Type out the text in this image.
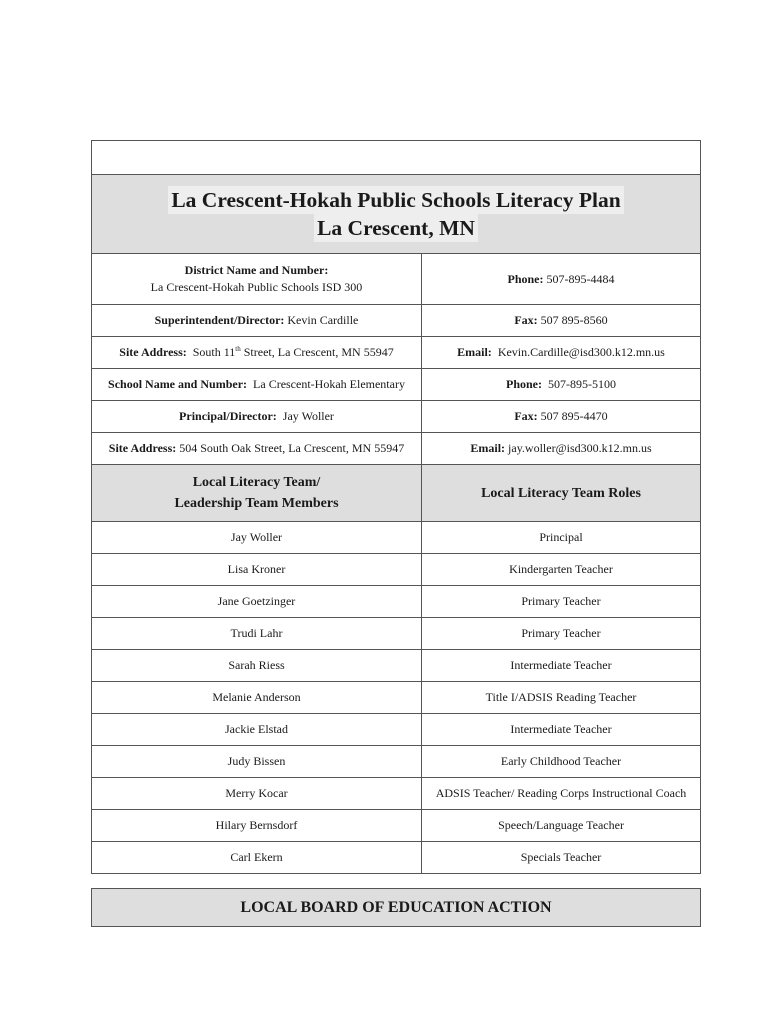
La Crescent-Hokah Public Schools Literacy Plan
La Crescent, MN	
District Name and Number:
La Crescent-Hokah Public Schools ISD 300	Phone: 507-895-4484
Superintendent/Director: Kevin Cardille	Fax: 507 895-8560
Site Address: South 11th Street, La Crescent, MN 55947	Email: Kevin.Cardille@isd300.k12.mn.us
School Name and Number: La Crescent-Hokah Elementary	Phone: 507-895-5100
Principal/Director: Jay Woller	Fax: 507 895-4470
Site Address: 504 South Oak Street, La Crescent, MN 55947	Email: jay.woller@isd300.k12.mn.us
Local Literacy Team/
Leadership Team Members	Local Literacy Team Roles
Jay Woller	Principal
Lisa Kroner	Kindergarten Teacher
Jane Goetzinger	Primary Teacher
Trudi Lahr	Primary Teacher
Sarah Riess	Intermediate Teacher
Melanie Anderson	Title I/ADSIS Reading Teacher
Jackie Elstad	Intermediate Teacher
Judy Bissen	Early Childhood Teacher
Merry Kocar	ADSIS Teacher/ Reading Corps Instructional Coach
Hilary Bernsdorf	Speech/Language Teacher
Carl Ekern	Specials Teacher
LOCAL BOARD OF EDUCATION ACTION
